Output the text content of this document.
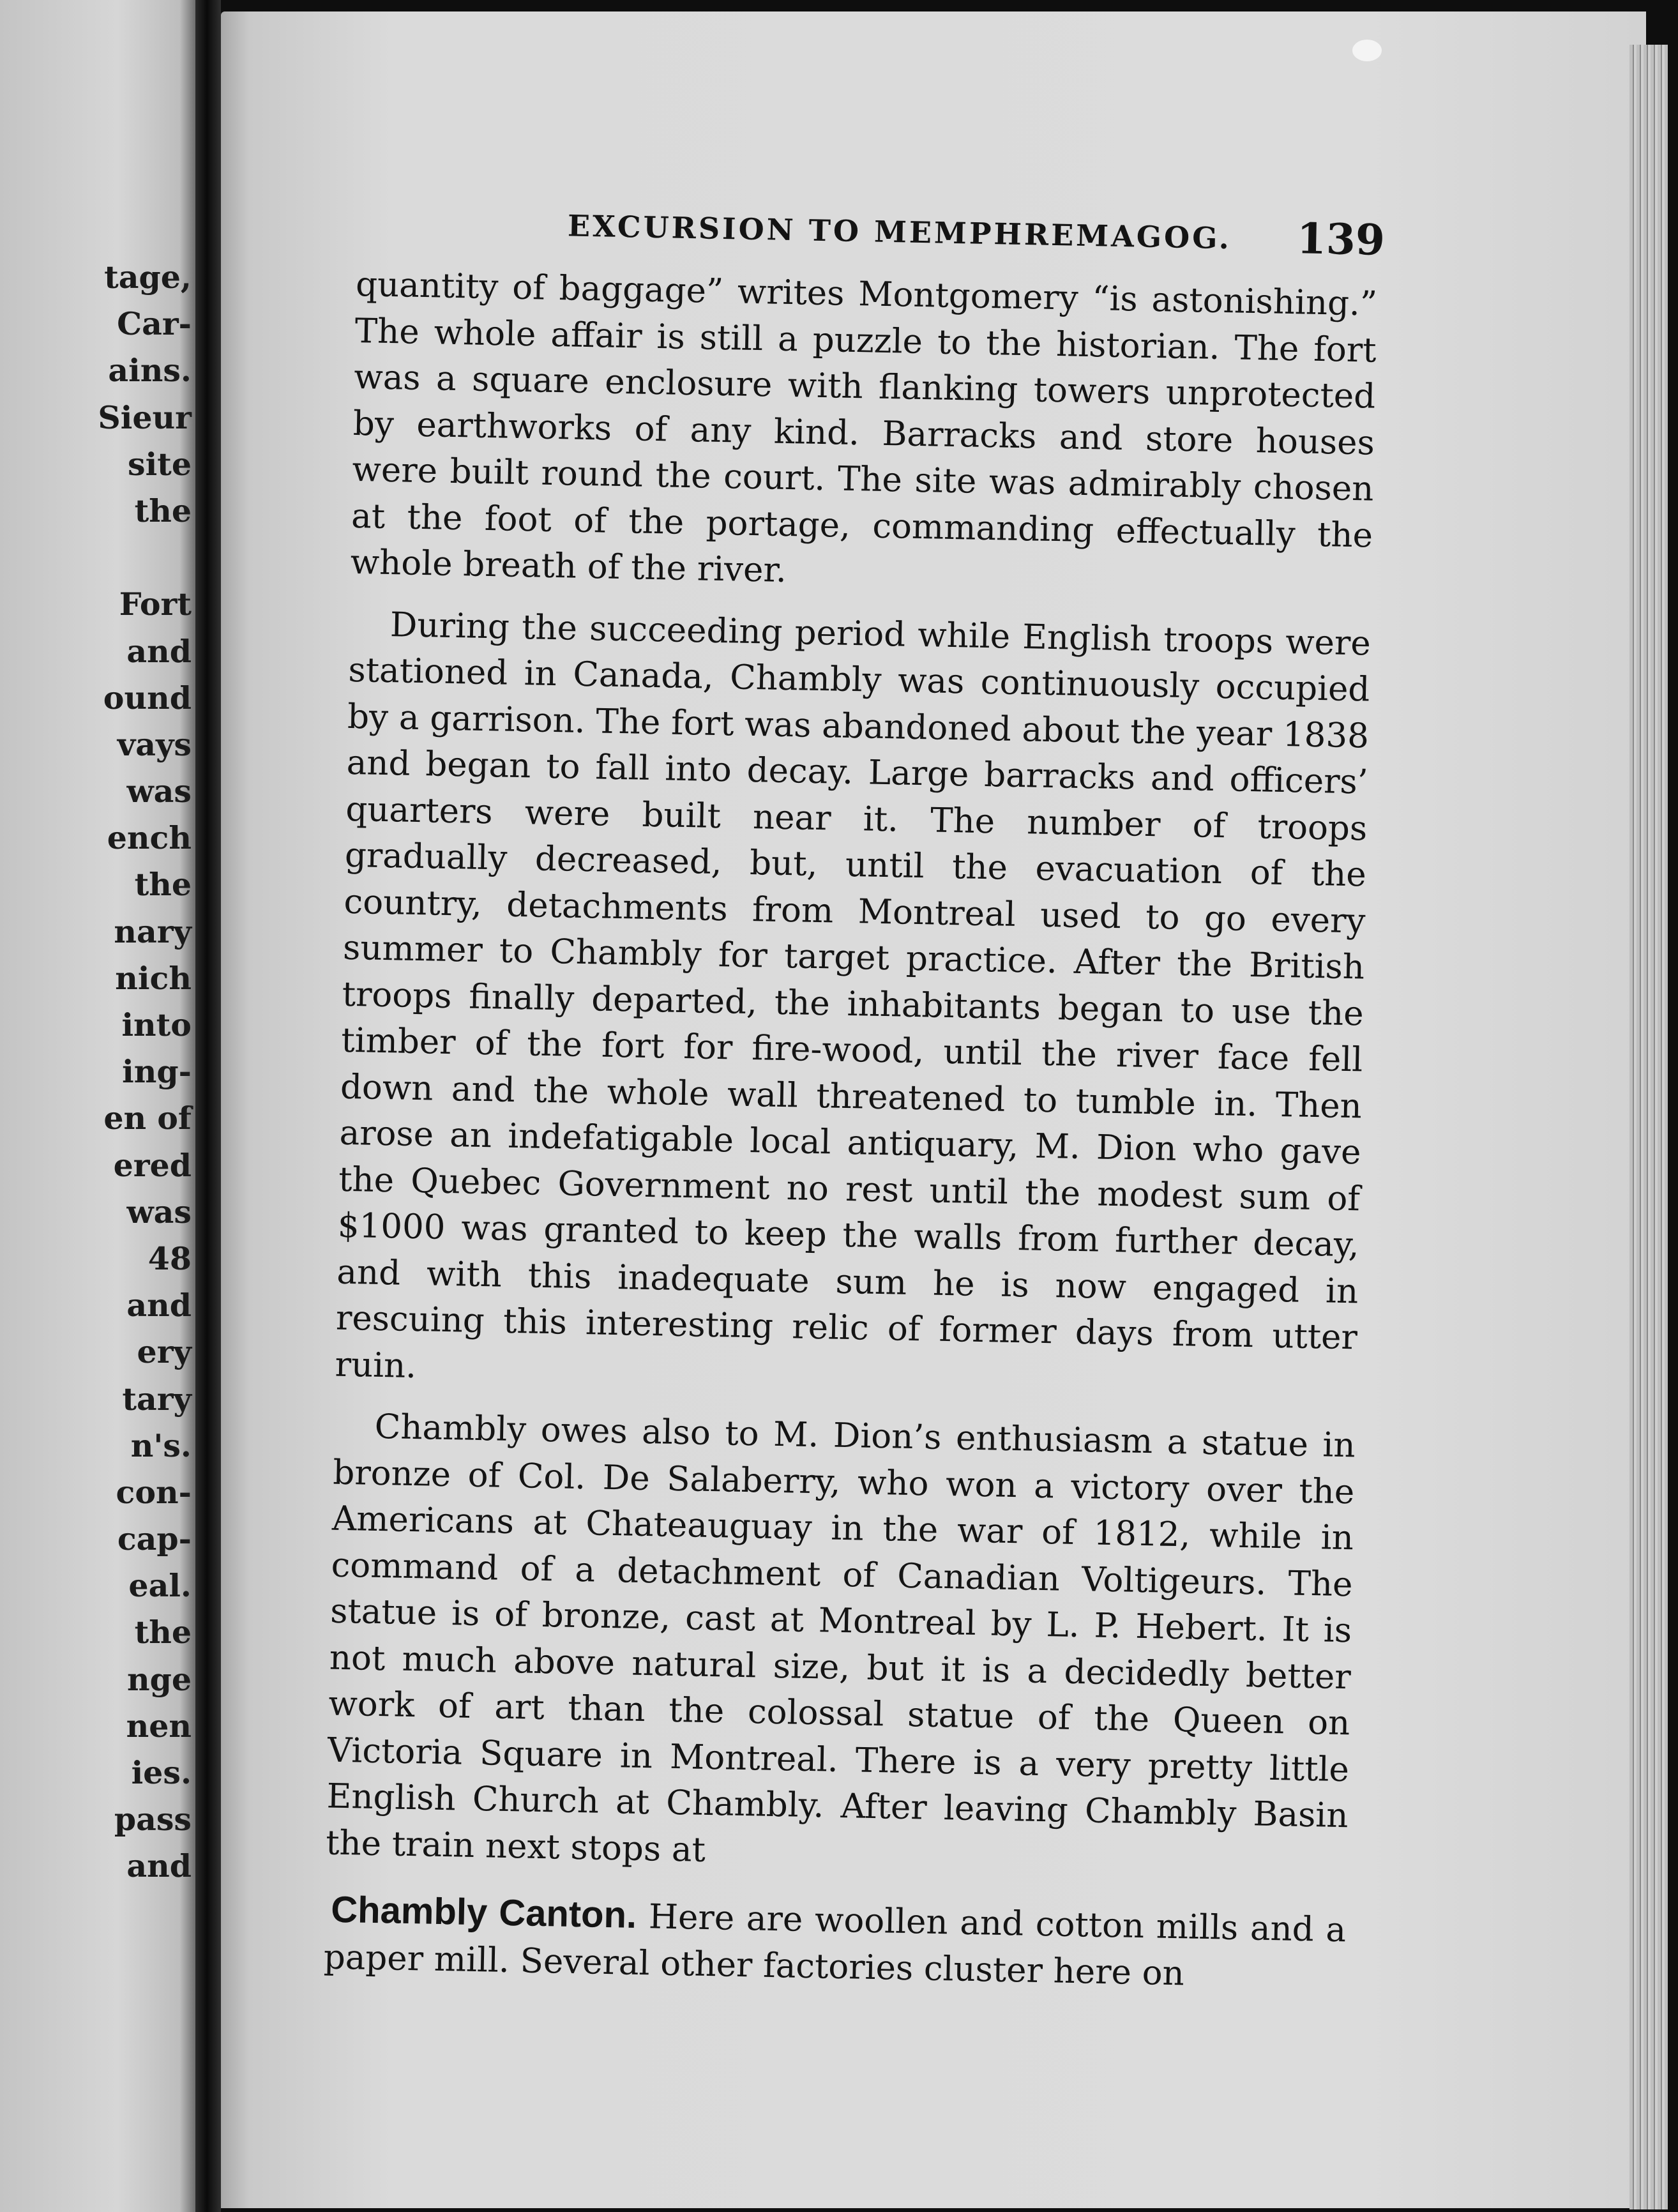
tage,
Car-
ains.
Sieur
site
the
Fort
and
ound
vays
was
ench
the
nary
nich
into
ing-
en of
ered
was
48
and
ery
tary
n's.
con-
cap-
eal.
the
nge
nen
ies.
pass
and
EXCURSION TO MEMPHREMAGOG. 139

quantity of baggage” writes Montgomery “is astonishing.” The whole affair is still a puzzle to the historian. The fort was a square enclosure with flanking towers unprotected by earthworks of any kind. Barracks and store houses were built round the court. The site was admirably chosen at the foot of the portage, commanding effectually the whole breath of the river.

During the succeeding period while English troops were stationed in Canada, Chambly was continuously occupied by a garrison. The fort was abandoned about the year 1838 and began to fall into decay. Large barracks and officers’ quarters were built near it. The number of troops gradually decreased, but, until the evacuation of the country, detachments from Montreal used to go every summer to Chambly for target practice. After the British troops finally departed, the inhabitants began to use the timber of the fort for fire-wood, until the river face fell down and the whole wall threatened to tumble in. Then arose an indefatigable local antiquary, M. Dion who gave the Quebec Government no rest until the modest sum of $1000 was granted to keep the walls from further decay, and with this inadequate sum he is now engaged in rescuing this interesting relic of former days from utter ruin.

Chambly owes also to M. Dion’s enthusiasm a statue in bronze of Col. De Salaberry, who won a victory over the Americans at Chateauguay in the war of 1812, while in command of a detachment of Canadian Voltigeurs. The statue is of bronze, cast at Montreal by L. P. Hebert. It is not much above natural size, but it is a decidedly better work of art than the colossal statue of the Queen on Victoria Square in Montreal. There is a very pretty little English Church at Chambly. After leaving Chambly Basin the train next stops at

Chambly Canton. Here are woollen and cotton mills and a paper mill. Several other factories cluster here on
